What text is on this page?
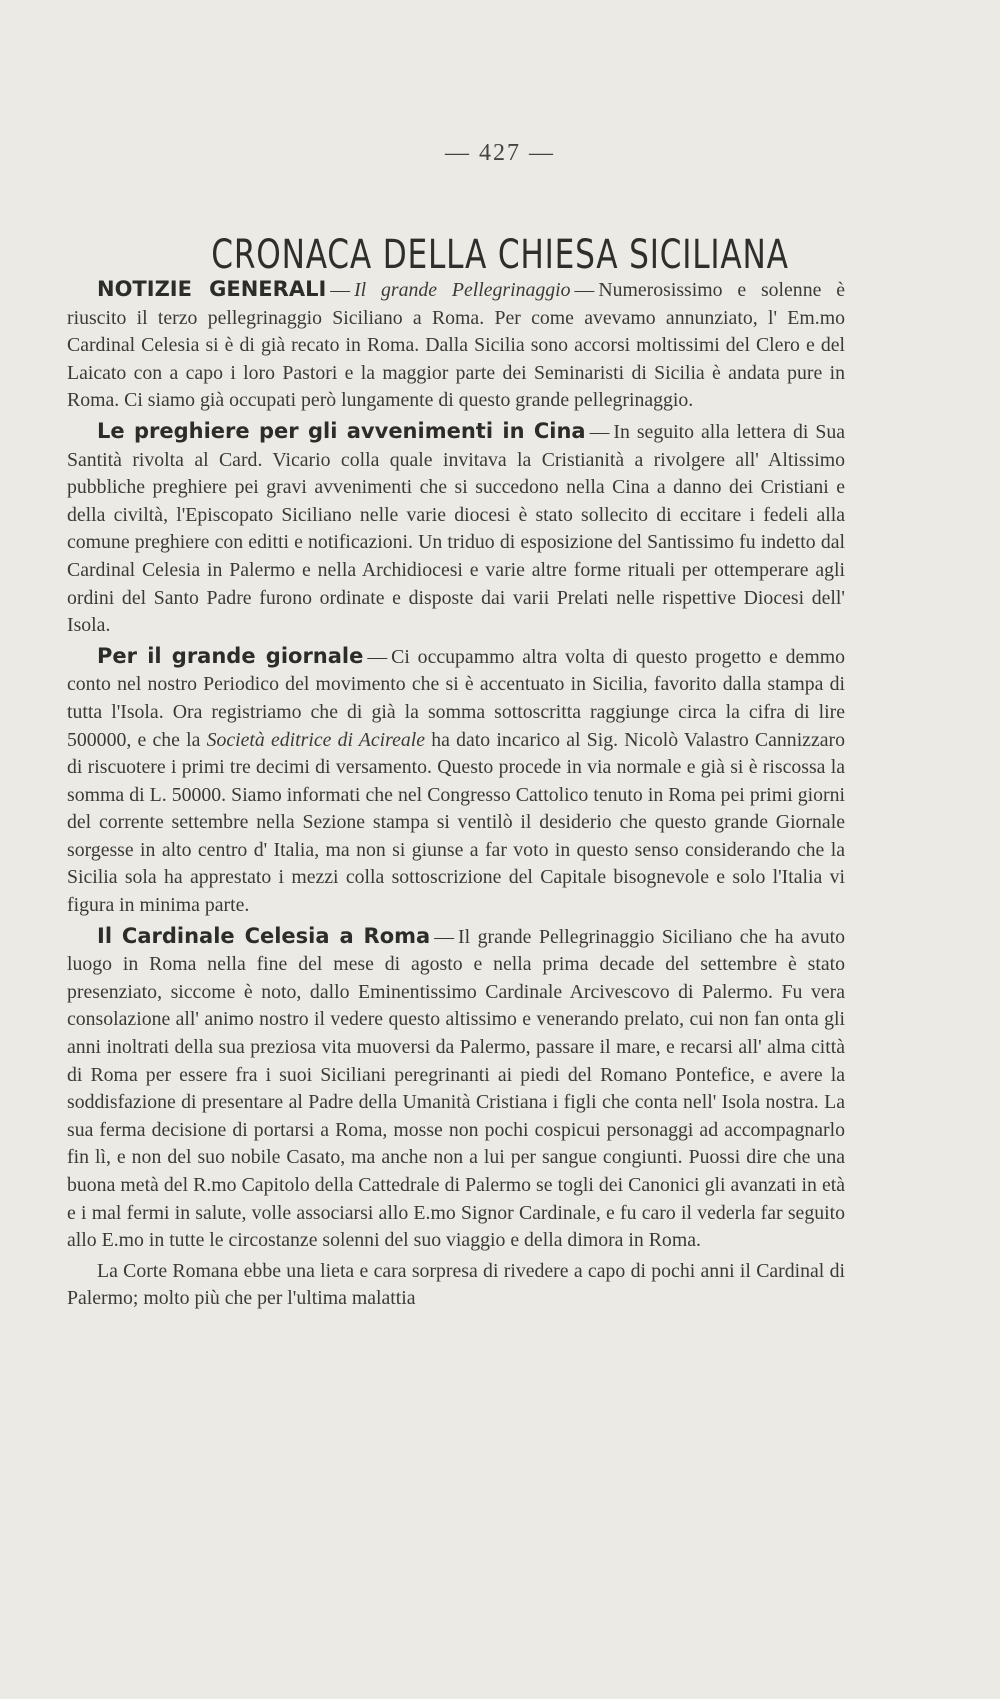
— 427 —
CRONACA DELLA CHIESA SICILIANA

NOTIZIE GENERALI — Il grande Pellegrinaggio — Numerosissimo e solenne è riuscito il terzo pellegrinaggio Siciliano a Roma. Per come avevamo annunziato, l' Em.mo Cardinal Celesia si è di già recato in Roma. Dalla Sicilia sono accorsi moltissimi del Clero e del Laicato con a capo i loro Pastori e la maggior parte dei Seminaristi di Sicilia è andata pure in Roma. Ci siamo già occupati però lungamente di questo grande pellegrinaggio.

Le preghiere per gli avvenimenti in Cina — In seguito alla lettera di Sua Santità rivolta al Card. Vicario colla quale invitava la Cristianità a rivolgere all' Altissimo pubbliche preghiere pei gravi avvenimenti che si succedono nella Cina a danno dei Cristiani e della civiltà, l'Episcopato Siciliano nelle varie diocesi è stato sollecito di eccitare i fedeli alla comune preghiere con editti e notificazioni. Un triduo di esposizione del Santissimo fu indetto dal Cardinal Celesia in Palermo e nella Archidiocesi e varie altre forme rituali per ottemperare agli ordini del Santo Padre furono ordinate e disposte dai varii Prelati nelle rispettive Diocesi dell' Isola.

Per il grande giornale — Ci occupammo altra volta di questo progetto e demmo conto nel nostro Periodico del movimento che si è accentuato in Sicilia, favorito dalla stampa di tutta l'Isola. Ora registriamo che di già la somma sottoscritta raggiunge circa la cifra di lire 500000, e che la Società editrice di Acireale ha dato incarico al Sig. Nicolò Valastro Cannizzaro di riscuotere i primi tre decimi di versamento. Questo procede in via normale e già si è riscossa la somma di L. 50000. Siamo informati che nel Congresso Cattolico tenuto in Roma pei primi giorni del corrente settembre nella Sezione stampa si ventilò il desiderio che questo grande Giornale sorgesse in alto centro d' Italia, ma non si giunse a far voto in questo senso considerando che la Sicilia sola ha apprestato i mezzi colla sottoscrizione del Capitale bisognevole e solo l'Italia vi figura in minima parte.

Il Cardinale Celesia a Roma — Il grande Pellegrinaggio Siciliano che ha avuto luogo in Roma nella fine del mese di agosto e nella prima decade del settembre è stato presenziato, siccome è noto, dallo Eminentissimo Cardinale Arcivescovo di Palermo. Fu vera consolazione all' animo nostro il vedere questo altissimo e venerando prelato, cui non fan onta gli anni inoltrati della sua preziosa vita muoversi da Palermo, passare il mare, e recarsi all' alma città di Roma per essere fra i suoi Siciliani peregrinanti ai piedi del Romano Pontefice, e avere la soddisfazione di presentare al Padre della Umanità Cristiana i figli che conta nell' Isola nostra. La sua ferma decisione di portarsi a Roma, mosse non pochi cospicui personaggi ad accompagnarlo fin lì, e non del suo nobile Casato, ma anche non a lui per sangue congiunti. Puossi dire che una buona metà del R.mo Capitolo della Cattedrale di Palermo se togli dei Canonici gli avanzati in età e i mal fermi in salute, volle associarsi allo E.mo Signor Cardinale, e fu caro il vederla far seguito allo E.mo in tutte le circostanze solenni del suo viaggio e della dimora in Roma.

La Corte Romana ebbe una lieta e cara sorpresa di rivedere a capo di pochi anni il Cardinal di Palermo; molto più che per l'ultima malattia
